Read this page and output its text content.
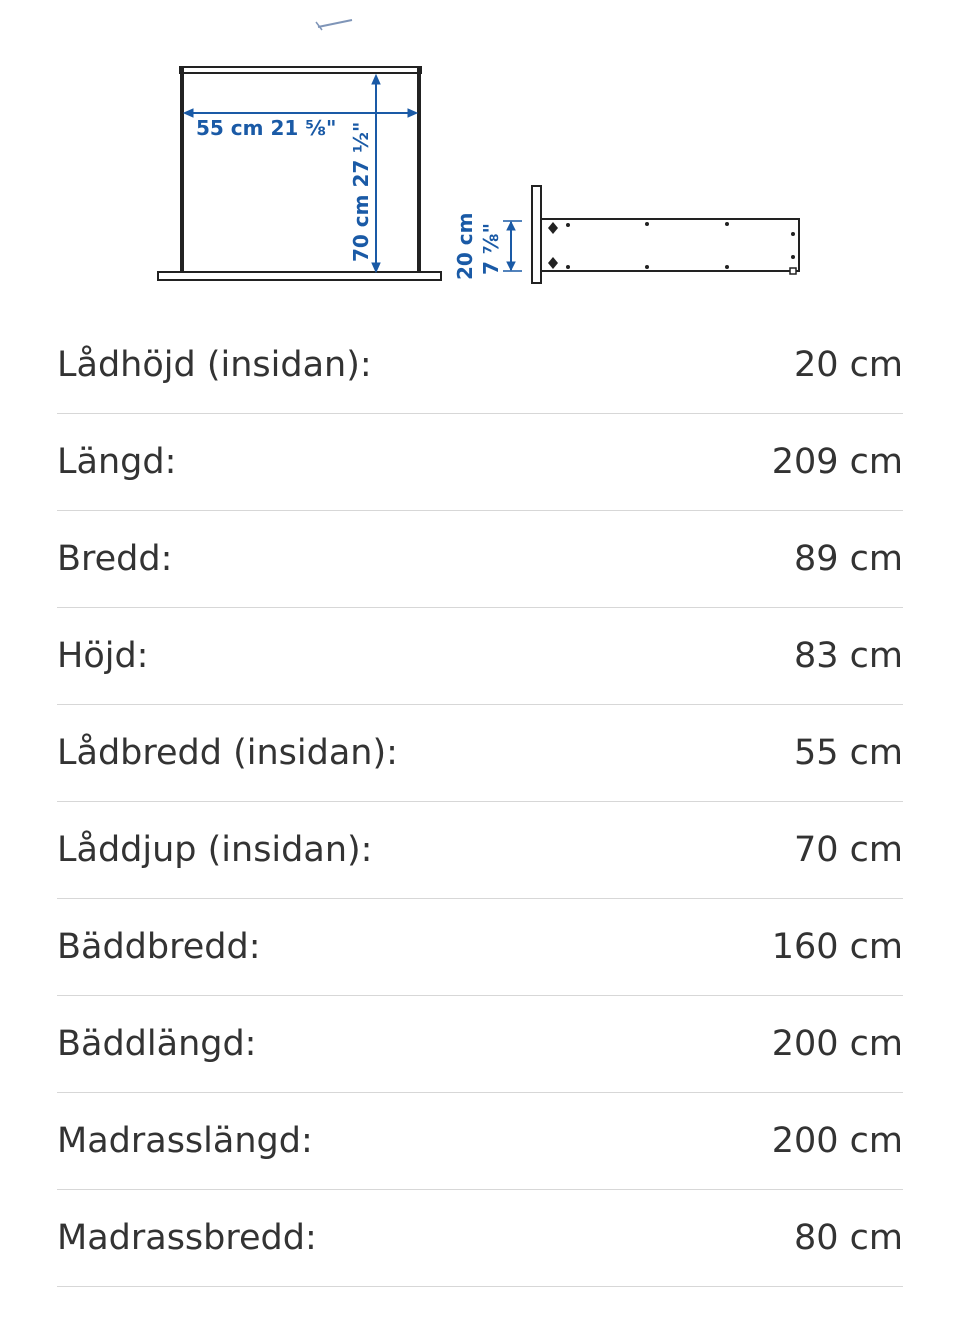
55 cm 21 ⅝" 70 cm 27 ½"	20 cm 7 ⅞"
Lådhöjd (insidan):	20 cm
Längd:	209 cm
Bredd:	89 cm
Höjd:	83 cm
Lådbredd (insidan):	55 cm
Låddjup (insidan):	70 cm
Bäddbredd:	160 cm
Bäddlängd:	200 cm
Madrasslängd:	200 cm
Madrassbredd:	80 cm
